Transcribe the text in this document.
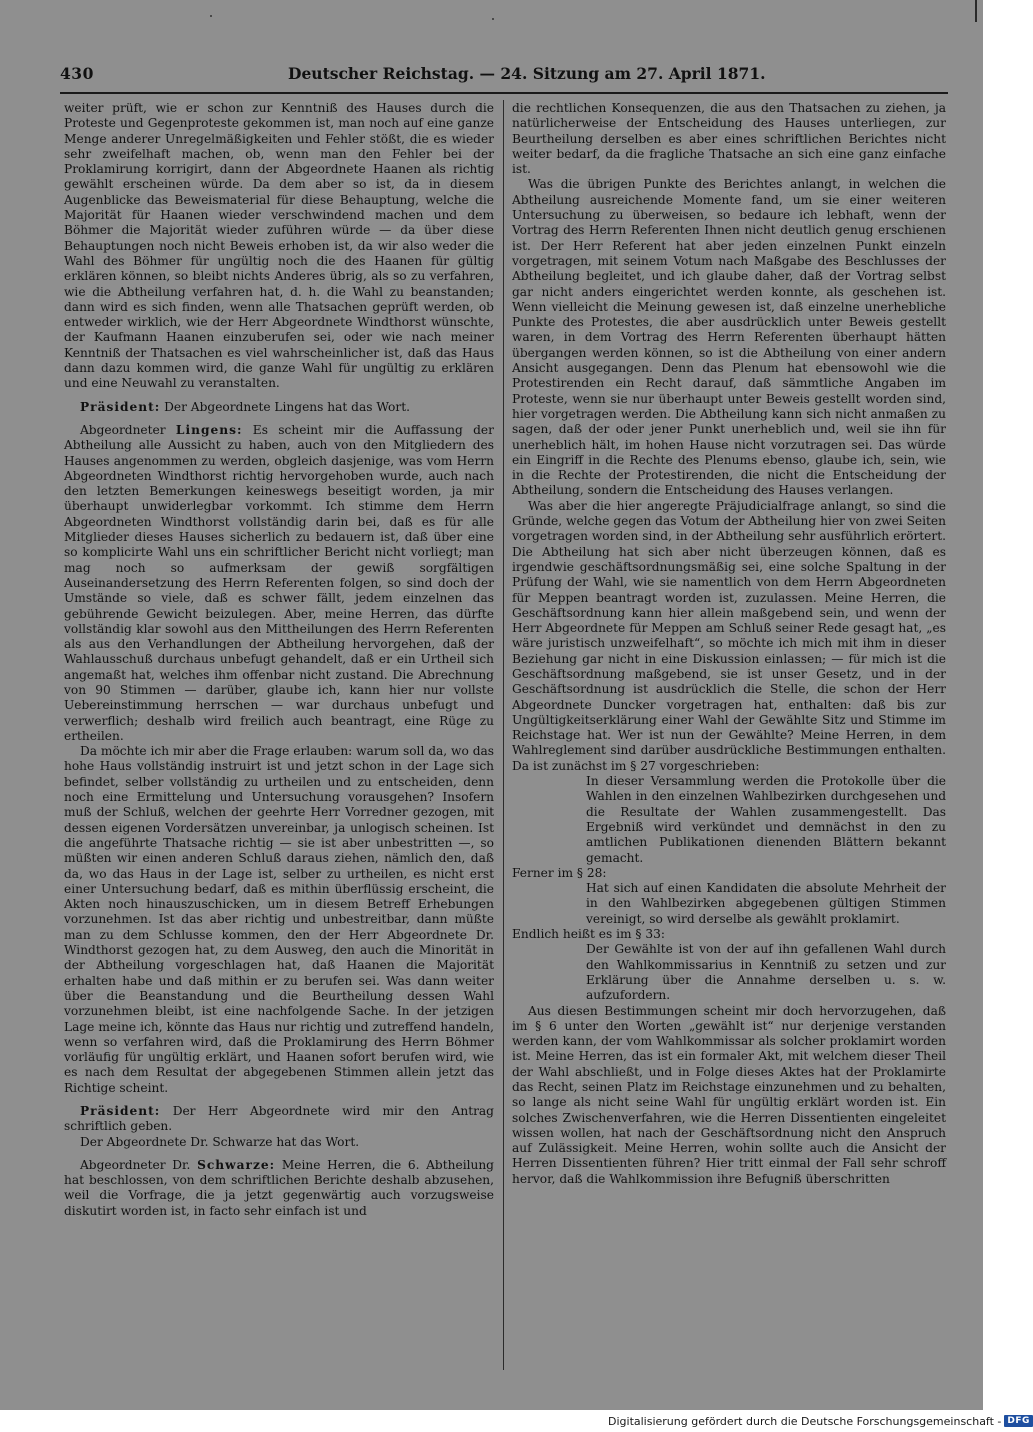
430	Deutscher Reichstag. — 24. Sitzung am 27. April 1871.

weiter prüft, wie er schon zur Kenntniß des Hauses durch die Proteste und Gegenproteste gekommen ist, man noch auf eine ganze Menge anderer Unregelmäßigkeiten und Fehler stößt, die es wieder sehr zweifelhaft machen, ob, wenn man den Fehler bei der Proklamirung korrigirt, dann der Abgeordnete Haanen als richtig gewählt erscheinen würde. Da dem aber so ist, da in diesem Augenblicke das Beweismaterial für diese Behauptung, welche die Majorität für Haanen wieder verschwindend machen und dem Böhmer die Majorität wieder zuführen würde — da über diese Behauptungen noch nicht Beweis erhoben ist, da wir also weder die Wahl des Böhmer für ungültig noch die des Haanen für gültig erklären können, so bleibt nichts Anderes übrig, als so zu verfahren, wie die Abtheilung verfahren hat, d. h. die Wahl zu beanstanden; dann wird es sich finden, wenn alle Thatsachen geprüft werden, ob entweder wirklich, wie der Herr Abgeordnete Windthorst wünschte, der Kaufmann Haanen einzuberufen sei, oder wie nach meiner Kenntniß der Thatsachen es viel wahrscheinlicher ist, daß das Haus dann dazu kommen wird, die ganze Wahl für ungültig zu erklären und eine Neuwahl zu veranstalten.

Präsident: Der Abgeordnete Lingens hat das Wort.

Abgeordneter Lingens: Es scheint mir die Auffassung der Abtheilung alle Aussicht zu haben, auch von den Mitgliedern des Hauses angenommen zu werden, obgleich dasjenige, was vom Herrn Abgeordneten Windthorst richtig hervorgehoben wurde, auch nach den letzten Bemerkungen keineswegs beseitigt worden, ja mir überhaupt unwiderlegbar vorkommt. Ich stimme dem Herrn Abgeordneten Windthorst vollständig darin bei, daß es für alle Mitglieder dieses Hauses sicherlich zu bedauern ist, daß über eine so komplicirte Wahl uns ein schriftlicher Bericht nicht vorliegt; man mag noch so aufmerksam der gewiß sorgfältigen Auseinandersetzung des Herrn Referenten folgen, so sind doch der Umstände so viele, daß es schwer fällt, jedem einzelnen das gebührende Gewicht beizulegen. Aber, meine Herren, das dürfte vollständig klar sowohl aus den Mittheilungen des Herrn Referenten als aus den Verhandlungen der Abtheilung hervorgehen, daß der Wahlausschuß durchaus unbefugt gehandelt, daß er ein Urtheil sich angemaßt hat, welches ihm offenbar nicht zustand. Die Abrechnung von 90 Stimmen — darüber, glaube ich, kann hier nur vollste Uebereinstimmung herrschen — war durchaus unbefugt und verwerflich; deshalb wird freilich auch beantragt, eine Rüge zu ertheilen.

Da möchte ich mir aber die Frage erlauben: warum soll da, wo das hohe Haus vollständig instruirt ist und jetzt schon in der Lage sich befindet, selber vollständig zu urtheilen und zu entscheiden, denn noch eine Ermittelung und Untersuchung vorausgehen? Insofern muß der Schluß, welchen der geehrte Herr Vorredner gezogen, mit dessen eigenen Vordersätzen unvereinbar, ja unlogisch scheinen. Ist die angeführte Thatsache richtig — sie ist aber unbestritten —, so müßten wir einen anderen Schluß daraus ziehen, nämlich den, daß da, wo das Haus in der Lage ist, selber zu urtheilen, es nicht erst einer Untersuchung bedarf, daß es mithin überflüssig erscheint, die Akten noch hinauszuschicken, um in diesem Betreff Erhebungen vorzunehmen. Ist das aber richtig und unbestreitbar, dann müßte man zu dem Schlusse kommen, den der Herr Abgeordnete Dr. Windthorst gezogen hat, zu dem Ausweg, den auch die Minorität in der Abtheilung vorgeschlagen hat, daß Haanen die Majorität erhalten habe und daß mithin er zu berufen sei. Was dann weiter über die Beanstandung und die Beurtheilung dessen Wahl vorzunehmen bleibt, ist eine nachfolgende Sache. In der jetzigen Lage meine ich, könnte das Haus nur richtig und zutreffend handeln, wenn so verfahren wird, daß die Proklamirung des Herrn Böhmer vorläufig für ungültig erklärt, und Haanen sofort berufen wird, wie es nach dem Resultat der abgegebenen Stimmen allein jetzt das Richtige scheint.

Präsident: Der Herr Abgeordnete wird mir den Antrag schriftlich geben.

Der Abgeordnete Dr. Schwarze hat das Wort.

Abgeordneter Dr. Schwarze: Meine Herren, die 6. Abtheilung hat beschlossen, von dem schriftlichen Berichte deshalb abzusehen, weil die Vorfrage, die ja jetzt gegenwärtig auch vorzugsweise diskutirt worden ist, in facto sehr einfach ist und

die rechtlichen Konsequenzen, die aus den Thatsachen zu ziehen, ja natürlicherweise der Entscheidung des Hauses unterliegen, zur Beurtheilung derselben es aber eines schriftlichen Berichtes nicht weiter bedarf, da die fragliche Thatsache an sich eine ganz einfache ist.

Was die übrigen Punkte des Berichtes anlangt, in welchen die Abtheilung ausreichende Momente fand, um sie einer weiteren Untersuchung zu überweisen, so bedaure ich lebhaft, wenn der Vortrag des Herrn Referenten Ihnen nicht deutlich genug erschienen ist. Der Herr Referent hat aber jeden einzelnen Punkt einzeln vorgetragen, mit seinem Votum nach Maßgabe des Beschlusses der Abtheilung begleitet, und ich glaube daher, daß der Vortrag selbst gar nicht anders eingerichtet werden konnte, als geschehen ist. Wenn vielleicht die Meinung gewesen ist, daß einzelne unerhebliche Punkte des Protestes, die aber ausdrücklich unter Beweis gestellt waren, in dem Vortrag des Herrn Referenten überhaupt hätten übergangen werden können, so ist die Abtheilung von einer andern Ansicht ausgegangen. Denn das Plenum hat ebensowohl wie die Protestirenden ein Recht darauf, daß sämmtliche Angaben im Proteste, wenn sie nur überhaupt unter Beweis gestellt worden sind, hier vorgetragen werden. Die Abtheilung kann sich nicht anmaßen zu sagen, daß der oder jener Punkt unerheblich und, weil sie ihn für unerheblich hält, im hohen Hause nicht vorzutragen sei. Das würde ein Eingriff in die Rechte des Plenums ebenso, glaube ich, sein, wie in die Rechte der Protestirenden, die nicht die Entscheidung der Abtheilung, sondern die Entscheidung des Hauses verlangen.

Was aber die hier angeregte Präjudicialfrage anlangt, so sind die Gründe, welche gegen das Votum der Abtheilung hier von zwei Seiten vorgetragen worden sind, in der Abtheilung sehr ausführlich erörtert. Die Abtheilung hat sich aber nicht überzeugen können, daß es irgendwie geschäftsordnungsmäßig sei, eine solche Spaltung in der Prüfung der Wahl, wie sie namentlich von dem Herrn Abgeordneten für Meppen beantragt worden ist, zuzulassen. Meine Herren, die Geschäftsordnung kann hier allein maßgebend sein, und wenn der Herr Abgeordnete für Meppen am Schluß seiner Rede gesagt hat, „es wäre juristisch unzweifelhaft“, so möchte ich mich mit ihm in dieser Beziehung gar nicht in eine Diskussion einlassen; — für mich ist die Geschäftsordnung maßgebend, sie ist unser Gesetz, und in der Geschäftsordnung ist ausdrücklich die Stelle, die schon der Herr Abgeordnete Duncker vorgetragen hat, enthalten: daß bis zur Ungültigkeitserklärung einer Wahl der Gewählte Sitz und Stimme im Reichstage hat. Wer ist nun der Gewählte? Meine Herren, in dem Wahlreglement sind darüber ausdrückliche Bestimmungen enthalten. Da ist zunächst im § 27 vorgeschrieben:

In dieser Versammlung werden die Protokolle über die Wahlen in den einzelnen Wahlbezirken durchgesehen und die Resultate der Wahlen zusammengestellt. Das Ergebniß wird verkündet und demnächst in den zu amtlichen Publikationen dienenden Blättern bekannt gemacht.

Ferner im § 28:

Hat sich auf einen Kandidaten die absolute Mehrheit der in den Wahlbezirken abgegebenen gültigen Stimmen vereinigt, so wird derselbe als gewählt proklamirt.

Endlich heißt es im § 33:

Der Gewählte ist von der auf ihn gefallenen Wahl durch den Wahlkommissarius in Kenntniß zu setzen und zur Erklärung über die Annahme derselben u. s. w. aufzufordern.

Aus diesen Bestimmungen scheint mir doch hervorzugehen, daß im § 6 unter den Worten „gewählt ist“ nur derjenige verstanden werden kann, der vom Wahlkommissar als solcher proklamirt worden ist. Meine Herren, das ist ein formaler Akt, mit welchem dieser Theil der Wahl abschließt, und in Folge dieses Aktes hat der Proklamirte das Recht, seinen Platz im Reichstage einzunehmen und zu behalten, so lange als nicht seine Wahl für ungültig erklärt worden ist. Ein solches Zwischenverfahren, wie die Herren Dissentienten eingeleitet wissen wollen, hat nach der Geschäftsordnung nicht den Anspruch auf Zulässigkeit. Meine Herren, wohin sollte auch die Ansicht der Herren Dissentienten führen? Hier tritt einmal der Fall sehr schroff hervor, daß die Wahlkommission ihre Befugniß überschritten

Digitalisierung gefördert durch die Deutsche Forschungsgemeinschaft - DFG
